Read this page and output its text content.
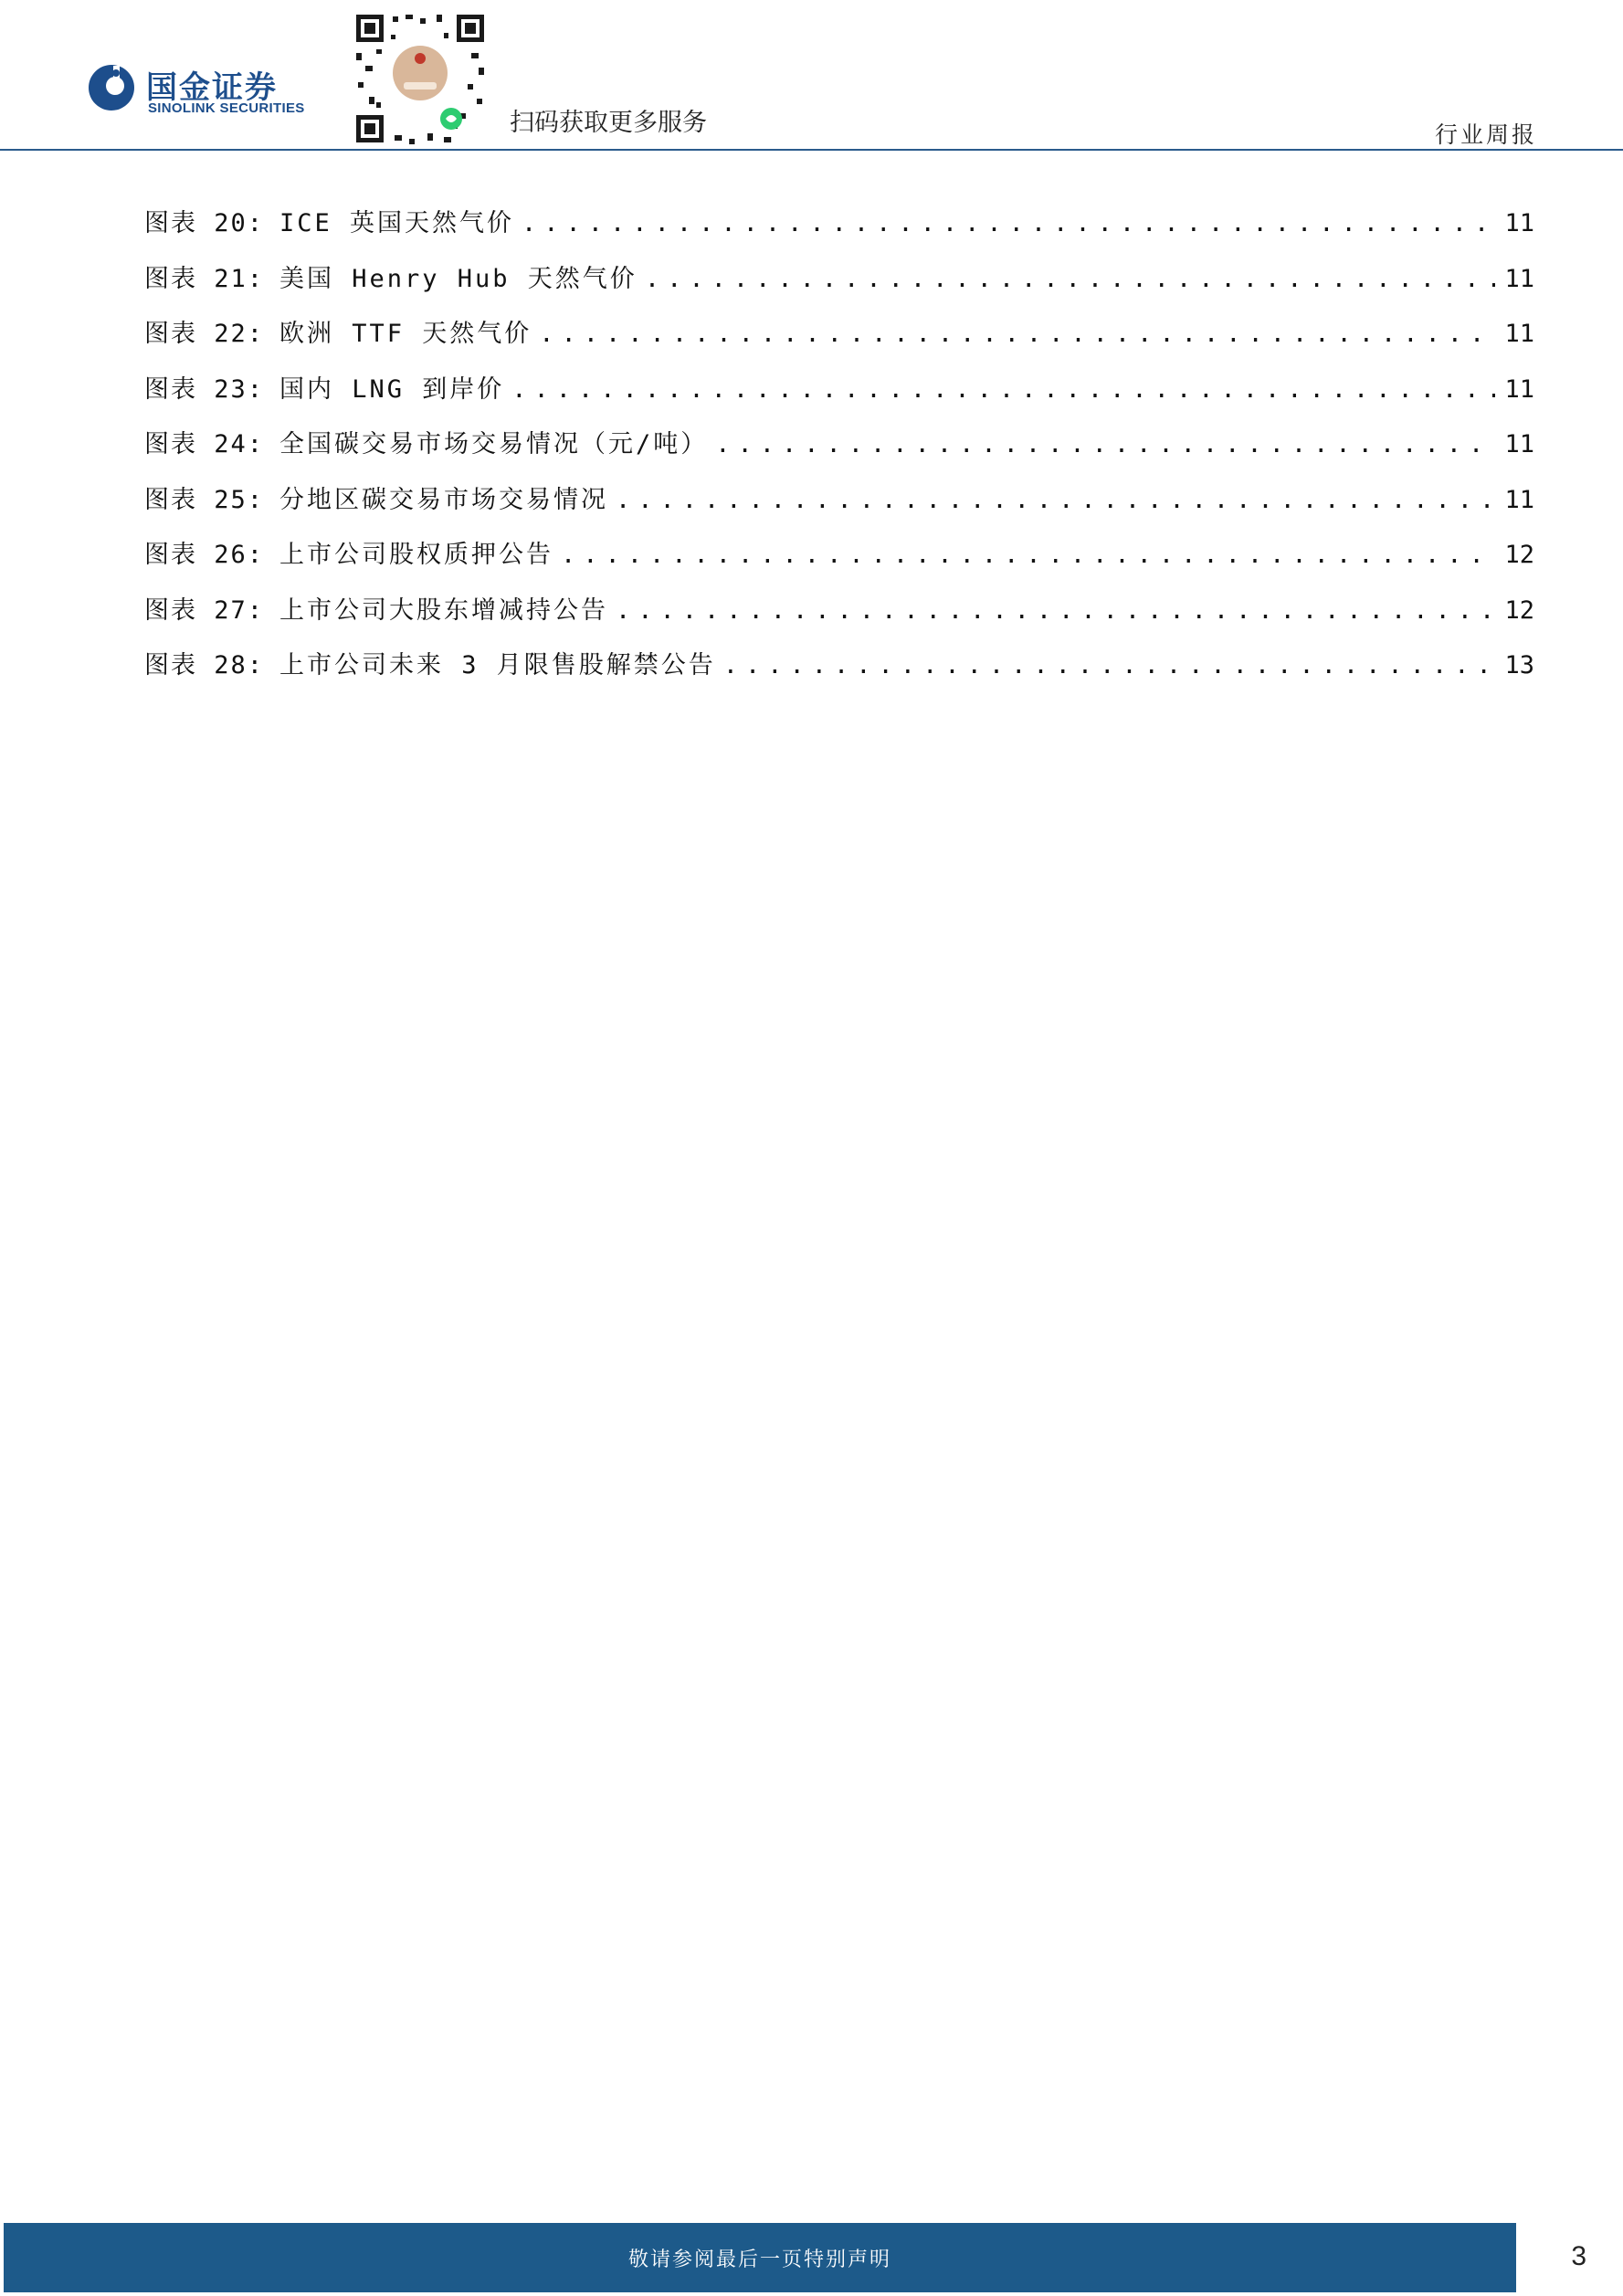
国金证券
SINOLINK SECURITIES
扫码获取更多服务	行业周报
图表 20: ICE 英国天然气价 .....	11
图表 21: 美国 Henry Hub 天然气价 .....	11
图表 22: 欧洲 TTF 天然气价 .....	11
图表 23: 国内 LNG 到岸价 .....	11
图表 24: 全国碳交易市场交易情况（元/吨） .....	11
图表 25: 分地区碳交易市场交易情况 .....	11
图表 26: 上市公司股权质押公告 .....	12
图表 27: 上市公司大股东增减持公告 .....	12
图表 28: 上市公司未来 3 月限售股解禁公告 .....	13
敬请参阅最后一页特别声明	3
